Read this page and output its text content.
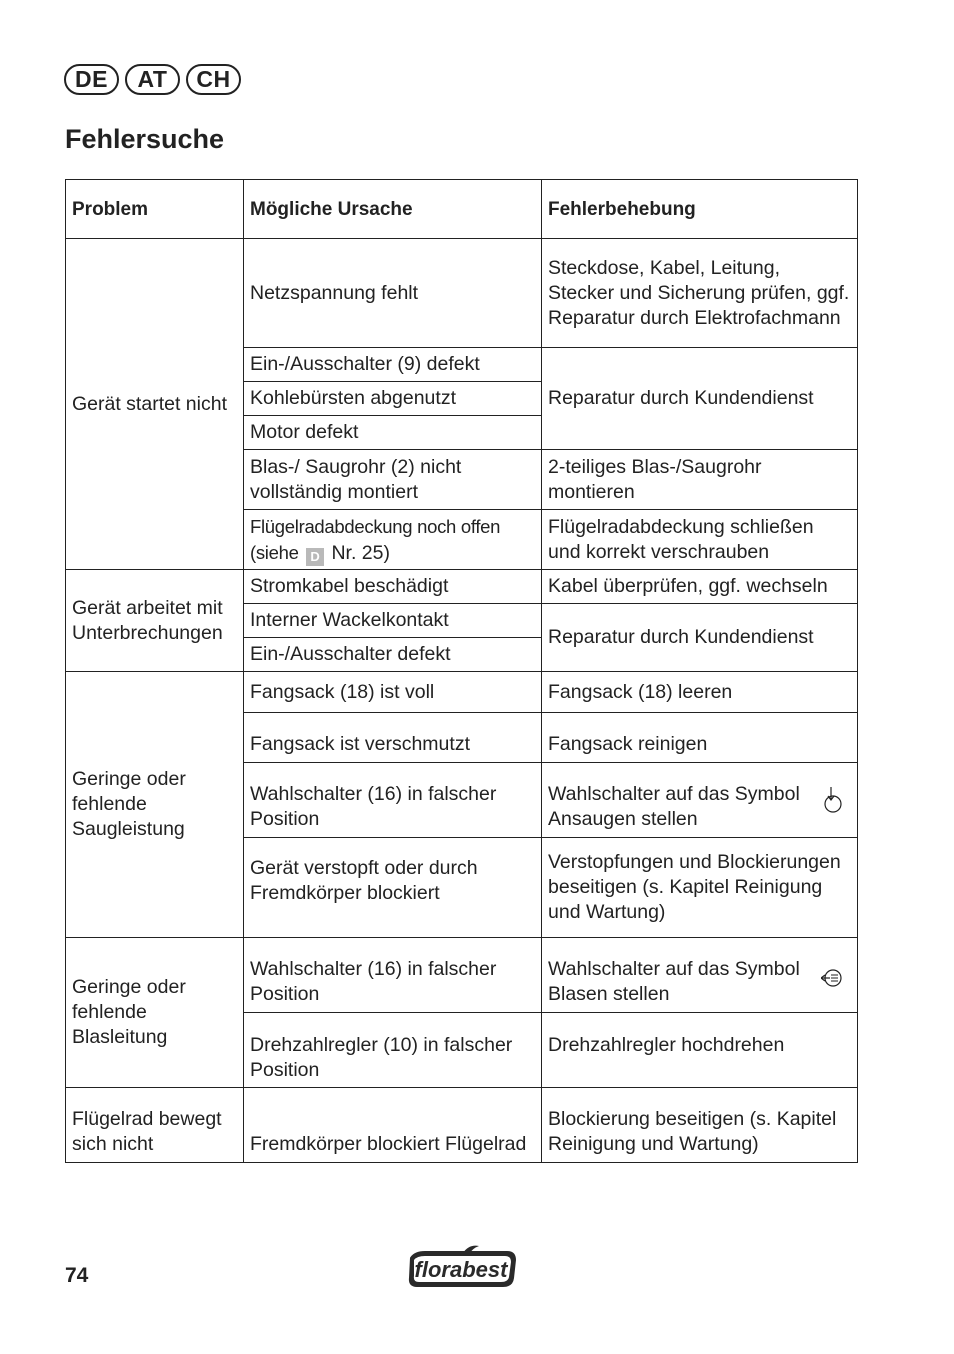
DE	AT	CH
Fehlersuche
Problem	Mögliche Ursache	Fehlerbehebung
Gerät startet nicht	Netzspannung fehlt	Steckdose, Kabel, Leitung, Stecker und Sicherung prüfen, ggf. Reparatur durch Elektrofachmann
	Ein-/Ausschalter (9) defekt	Reparatur durch Kundendienst
	Kohlebürsten abgenutzt	
	Motor defekt	
	Blas-/ Saugrohr (2) nicht vollständig montiert	2-teiliges Blas-/Saugrohr montieren
	Flügelradabdeckung noch offen (siehe D Nr. 25)	Flügelradabdeckung schließen und korrekt verschrauben

Gerät arbeitet mit Unterbrechungen	Stromkabel beschädigt	Kabel überprüfen, ggf. wechseln
	Interner Wackelkontakt	Reparatur durch Kundendienst
	Ein-/Ausschalter defekt	
Geringe oder fehlende Saugleistung	Fangsack (18) ist voll	Fangsack (18) leeren
	Fangsack ist verschmutzt	Fangsack reinigen
	Wahlschalter (16) in falscher Position	Wahlschalter auf das Symbol Ansaugen stellen

	Gerät verstopft oder durch Fremdkörper blockiert	Verstopfungen und Blockierungen beseitigen (s. Kapitel Reinigung und Wartung)
Geringe oder fehlende Blasleitung	Wahlschalter (16) in falscher Position	Wahlschalter auf das Symbol Blasen stellen

	Drehzahlregler (10) in falscher Position	Drehzahlregler hochdrehen
Flügelrad bewegt sich nicht	Fremdkörper blockiert Flügelrad	Blockierung beseitigen (s. Kapitel Reinigung und Wartung)
74	florabest
